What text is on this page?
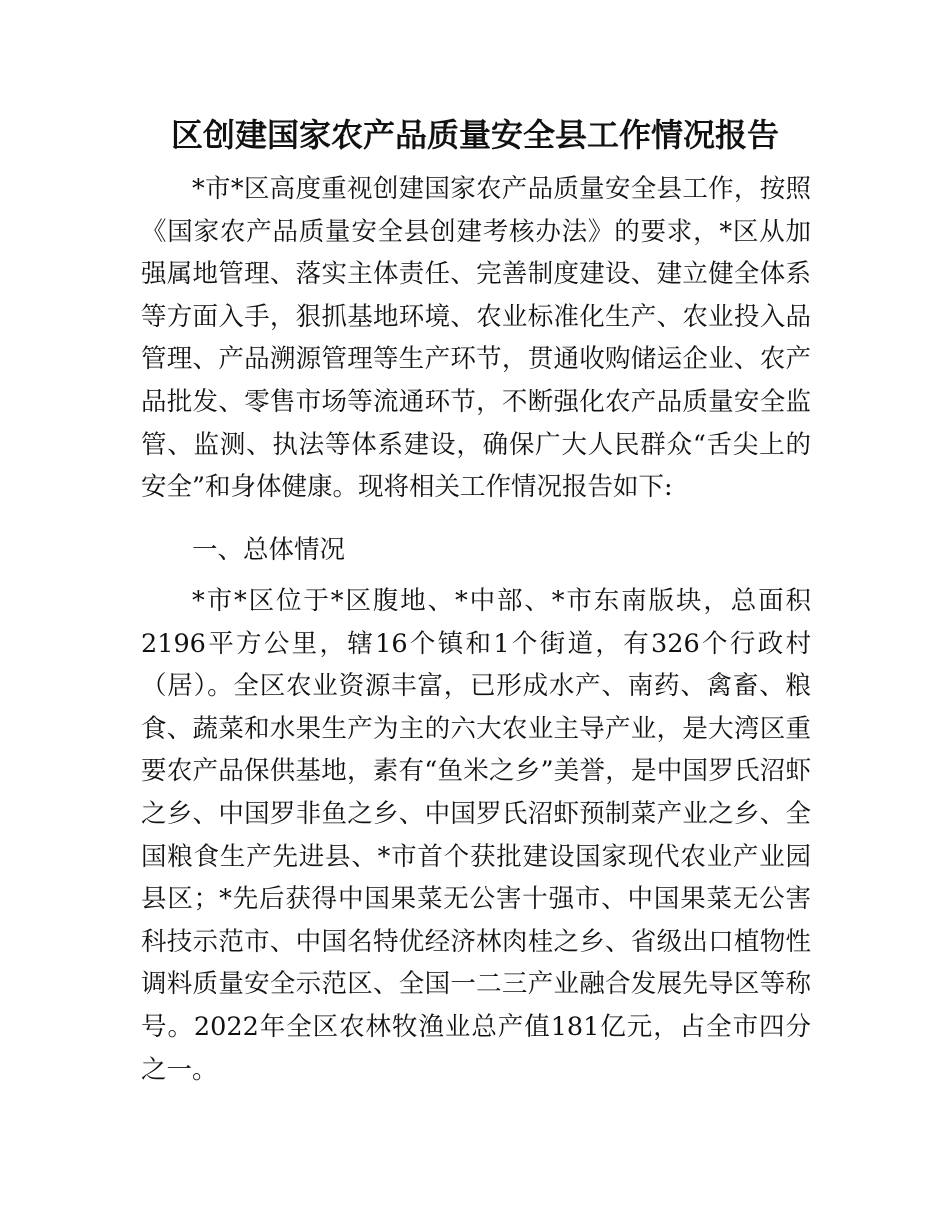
区创建国家农产品质量安全县工作情况报告

*市*区高度重视创建国家农产品质量安全县工作，按照《国家农产品质量安全县创建考核办法》的要求，*区从加强属地管理、落实主体责任、完善制度建设、建立健全体系等方面入手，狠抓基地环境、农业标准化生产、农业投入品管理、产品溯源管理等生产环节，贯通收购储运企业、农产品批发、零售市场等流通环节，不断强化农产品质量安全监管、监测、执法等体系建设，确保广大人民群众“舌尖上的安全”和身体健康。现将相关工作情况报告如下:

一、总体情况

*市*区位于*区腹地、*中部、*市东南版块，总面积2196平方公里，辖16个镇和1个街道，有326个行政村（居）。全区农业资源丰富，已形成水产、南药、禽畜、粮食、蔬菜和水果生产为主的六大农业主导产业，是大湾区重要农产品保供基地，素有“鱼米之乡”美誉，是中国罗氏沼虾之乡、中国罗非鱼之乡、中国罗氏沼虾预制菜产业之乡、全国粮食生产先进县、*市首个获批建设国家现代农业产业园县区；*先后获得中国果菜无公害十强市、中国果菜无公害科技示范市、中国名特优经济林肉桂之乡、省级出口植物性调料质量安全示范区、全国一二三产业融合发展先导区等称号。2022年全区农林牧渔业总产值181亿元，占全市四分之一。
